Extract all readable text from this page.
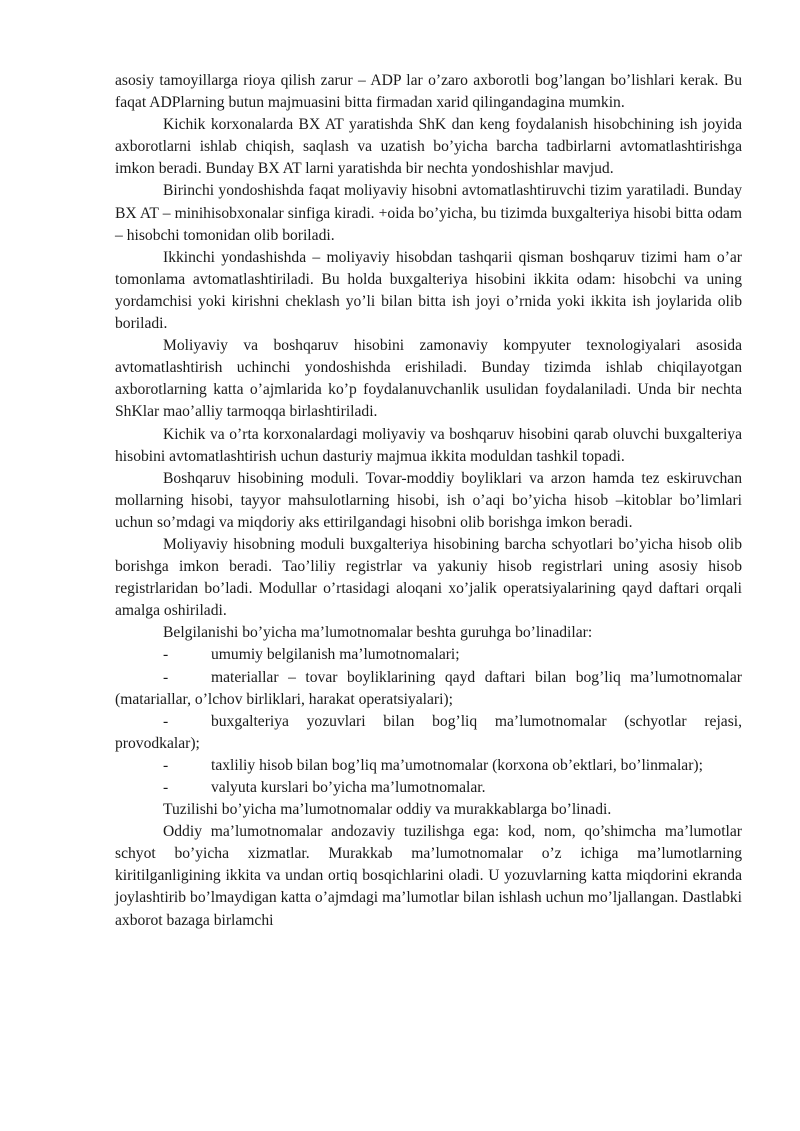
asosiy tamoyillarga rioya qilish zarur – ADP lar o’zaro axborotli bog’langan bo’lishlari kerak. Bu faqat ADPlarning butun majmuasini bitta firmadan xarid qilingandagina mumkin.

Kichik korxonalarda BX AT yaratishda ShK dan keng foydalanish hisobchining ish joyida axborotlarni ishlab chiqish, saqlash va uzatish bo’yicha barcha tadbirlarni avtomatlashtirishga imkon beradi. Bunday BX AT larni yaratishda bir nechta yondoshishlar mavjud.

Birinchi yondoshishda faqat moliyaviy hisobni avtomatlashtiruvchi tizim yaratiladi. Bunday BX AT – minihisobxonalar sinfiga kiradi. +oida bo’yicha, bu tizimda buxgalteriya hisobi bitta odam – hisobchi tomonidan olib boriladi.

Ikkinchi yondashishda – moliyaviy hisobdan tashqarii qisman boshqaruv tizimi ham o’ar tomonlama avtomatlashtiriladi. Bu holda buxgalteriya hisobini ikkita odam: hisobchi va uning yordamchisi yoki kirishni cheklash yo’li bilan bitta ish joyi o’rnida yoki ikkita ish joylarida olib boriladi.

Moliyaviy va boshqaruv hisobini zamonaviy kompyuter texnologiyalari asosida avtomatlashtirish uchinchi yondoshishda erishiladi. Bunday tizimda ishlab chiqilayotgan axborotlarning katta o’ajmlarida ko’p foydalanuvchanlik usulidan foydalaniladi. Unda bir nechta ShKlar mao’alliy tarmoqqa birlashtiriladi.

Kichik va o’rta korxonalardagi moliyaviy va boshqaruv hisobini qarab oluvchi buxgalteriya hisobini avtomatlashtirish uchun dasturiy majmua ikkita moduldan tashkil topadi.

Boshqaruv hisobining moduli. Tovar-moddiy boyliklari va arzon hamda tez eskiruvchan mollarning hisobi, tayyor mahsulotlarning hisobi, ish o’aqi bo’yicha hisob –kitoblar bo’limlari uchun so’mdagi va miqdoriy aks ettirilgandagi hisobni olib borishga imkon beradi.

Moliyaviy hisobning moduli buxgalteriya hisobining barcha schyotlari bo’yicha hisob olib borishga imkon beradi. Tao’liliy registrlar va yakuniy hisob registrlari uning asosiy hisob registrlaridan bo’ladi. Modullar o’rtasidagi aloqani xo’jalik operatsiyalarining qayd daftari orqali amalga oshiriladi.

Belgilanishi bo’yicha ma’lumotnomalar beshta guruhga bo’linadilar:

-	umumiy belgilanish ma’lumotnomalari;

-	materiallar – tovar boyliklarining qayd daftari bilan bog’liq ma’lumotnomalar (matariallar, o’lchov birliklari, harakat operatsiyalari);

-	buxgalteriya yozuvlari bilan bog’liq ma’lumotnomalar (schyotlar rejasi, provodkalar);

-	taxliliy hisob bilan bog’liq ma’umotnomalar (korxona ob’ektlari, bo’linmalar);

-	valyuta kurslari bo’yicha ma’lumotnomalar.

Tuzilishi bo’yicha ma’lumotnomalar oddiy va murakkablarga bo’linadi.

Oddiy ma’lumotnomalar andozaviy tuzilishga ega: kod, nom, qo’shimcha ma’lumotlar schyot bo’yicha xizmatlar. Murakkab ma’lumotnomalar o’z ichiga ma’lumotlarning kiritilganligining ikkita va undan ortiq bosqichlarini oladi. U yozuvlarning katta miqdorini ekranda joylashtirib bo’lmaydigan katta o’ajmdagi ma’lumotlar bilan ishlash uchun mo’ljallangan. Dastlabki axborot bazaga birlamchi
